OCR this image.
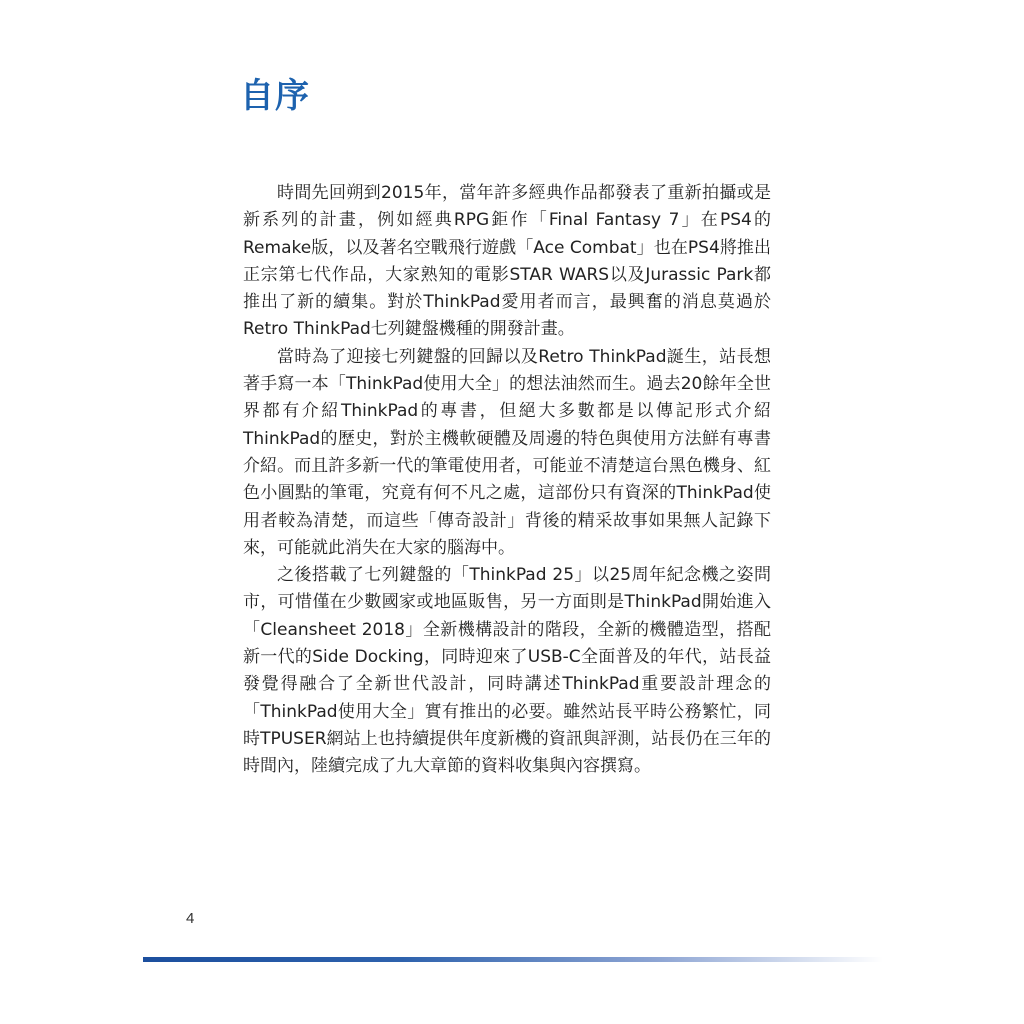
自序

時間先回朔到2015年，當年許多經典作品都發表了重新拍攝或是新系列的計畫，例如經典RPG鉅作「Final Fantasy 7」在PS4的Remake版，以及著名空戰飛行遊戲「Ace Combat」也在PS4將推出正宗第七代作品，大家熟知的電影STAR WARS以及Jurassic Park都推出了新的續集。對於ThinkPad愛用者而言，最興奮的消息莫過於Retro ThinkPad七列鍵盤機種的開發計畫。

當時為了迎接七列鍵盤的回歸以及Retro ThinkPad誕生，站長想著手寫一本「ThinkPad使用大全」的想法油然而生。過去20餘年全世界都有介紹ThinkPad的專書，但絕大多數都是以傳記形式介紹ThinkPad的歷史，對於主機軟硬體及周邊的特色與使用方法鮮有專書介紹。而且許多新一代的筆電使用者，可能並不清楚這台黑色機身、紅色小圓點的筆電，究竟有何不凡之處，這部份只有資深的ThinkPad使用者較為清楚，而這些「傳奇設計」背後的精采故事如果無人記錄下來，可能就此消失在大家的腦海中。

之後搭載了七列鍵盤的「ThinkPad 25」以25周年紀念機之姿問市，可惜僅在少數國家或地區販售，另一方面則是ThinkPad開始進入「Cleansheet 2018」全新機構設計的階段，全新的機體造型，搭配新一代的Side Docking，同時迎來了USB-C全面普及的年代，站長益發覺得融合了全新世代設計，同時講述ThinkPad重要設計理念的「ThinkPad使用大全」實有推出的必要。雖然站長平時公務繁忙，同時TPUSER網站上也持續提供年度新機的資訊與評測，站長仍在三年的時間內，陸續完成了九大章節的資料收集與內容撰寫。

4
